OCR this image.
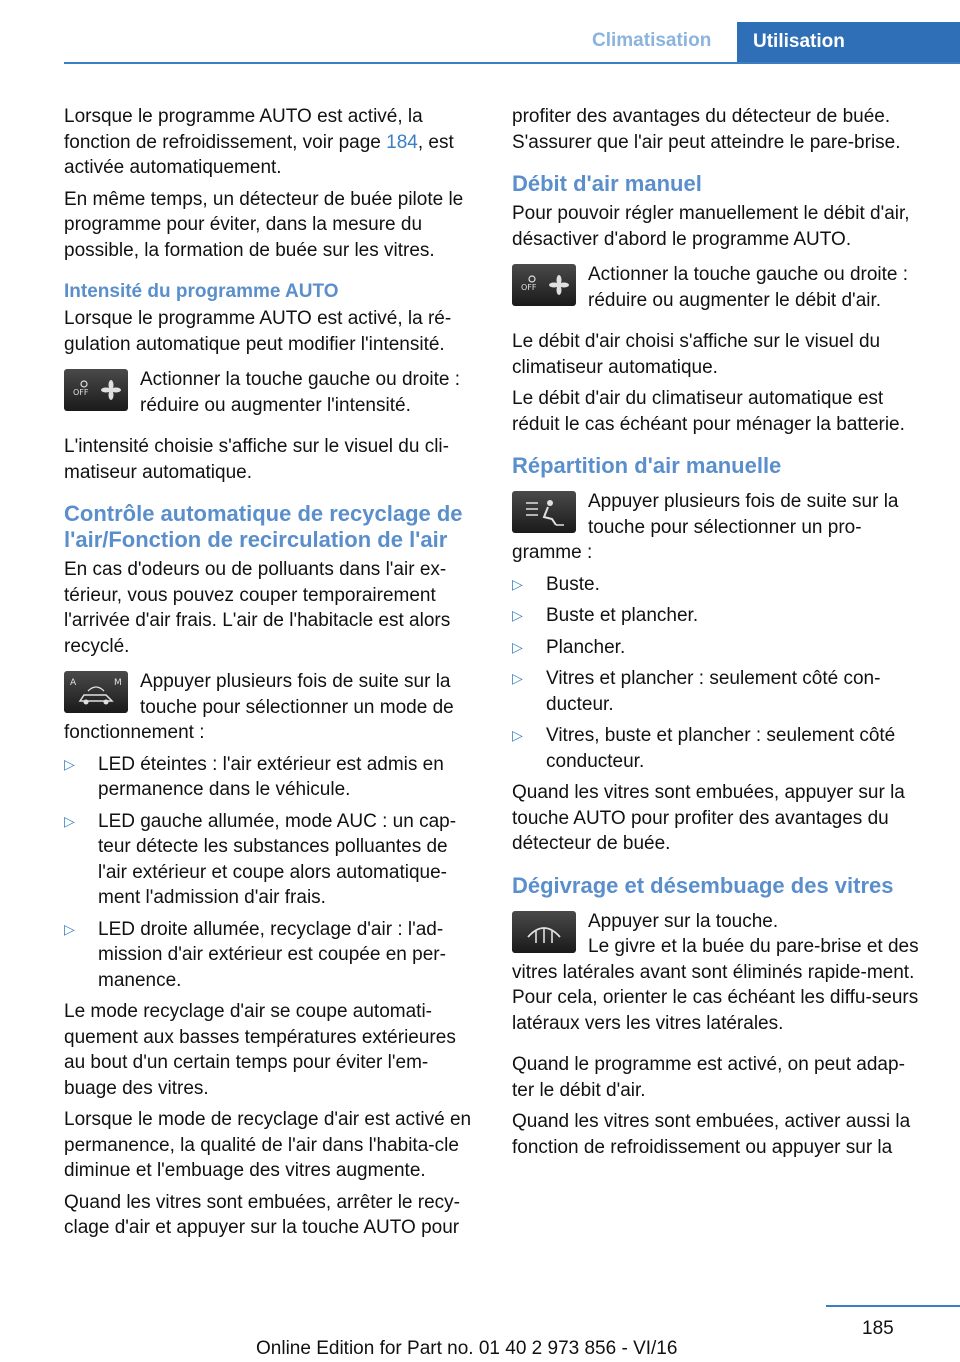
Climatisation	Utilisation

Lorsque le programme AUTO est activé, la fonction de refroidissement, voir page 184, est activée automatiquement.

En même temps, un détecteur de buée pilote le programme pour éviter, dans la mesure du possible, la formation de buée sur les vitres.

Intensité du programme AUTO

Lorsque le programme AUTO est activé, la ré‐gulation automatique peut modifier l'intensité.

OFF
Actionner la touche gauche ou droite : réduire ou augmenter l'intensité.

L'intensité choisie s'affiche sur le visuel du cli‐matiseur automatique.

Contrôle automatique de recyclage de l'air/Fonction de recirculation de l'air

En cas d'odeurs ou de polluants dans l'air ex‐térieur, vous pouvez couper temporairement l'arrivée d'air frais. L'air de l'habitacle est alors recyclé.

A	M Appuyer plusieurs fois de suite sur la touche pour sélectionner un mode de fonctionnement :
▷ LED éteintes : l'air extérieur est admis en permanence dans le véhicule.
▷ LED gauche allumée, mode AUC : un cap‐teur détecte les substances polluantes de l'air extérieur et coupe alors automatique‐ment l'admission d'air frais.
▷ LED droite allumée, recyclage d'air : l'ad‐mission d'air extérieur est coupée en per‐manence.

Le mode recyclage d'air se coupe automati‐quement aux basses températures extérieures au bout d'un certain temps pour éviter l'em‐buage des vitres.

Lorsque le mode de recyclage d'air est activé en permanence, la qualité de l'air dans l'habita‐cle diminue et l'embuage des vitres augmente.

Quand les vitres sont embuées, arrêter le recy‐clage d'air et appuyer sur la touche AUTO pour

profiter des avantages du détecteur de buée. S'assurer que l'air peut atteindre le pare-brise.

Débit d'air manuel

Pour pouvoir régler manuellement le débit d'air, désactiver d'abord le programme AUTO.

OFF
Actionner la touche gauche ou droite : réduire ou augmenter le débit d'air.

Le débit d'air choisi s'affiche sur le visuel du climatiseur automatique.

Le débit d'air du climatiseur automatique est réduit le cas échéant pour ménager la batterie.

Répartition d'air manuelle
Appuyer plusieurs fois de suite sur la touche pour sélectionner un pro‐gramme :
▷ Buste.
▷ Buste et plancher.
▷ Plancher.
▷ Vitres et plancher : seulement côté con‐ducteur.
▷ Vitres, buste et plancher : seulement côté conducteur.

Quand les vitres sont embuées, appuyer sur la touche AUTO pour profiter des avantages du détecteur de buée.

Dégivrage et désembuage des vitres
Appuyer sur la touche.
Le givre et la buée du pare-brise et des vitres latérales avant sont éliminés rapide‐ment.

Pour cela, orienter le cas échéant les diffu‐seurs latéraux vers les vitres latérales.

Quand le programme est activé, on peut adap‐ter le débit d'air.

Quand les vitres sont embuées, activer aussi la fonction de refroidissement ou appuyer sur la

185
Online Edition for Part no. 01 40 2 973 856 - VI/16
